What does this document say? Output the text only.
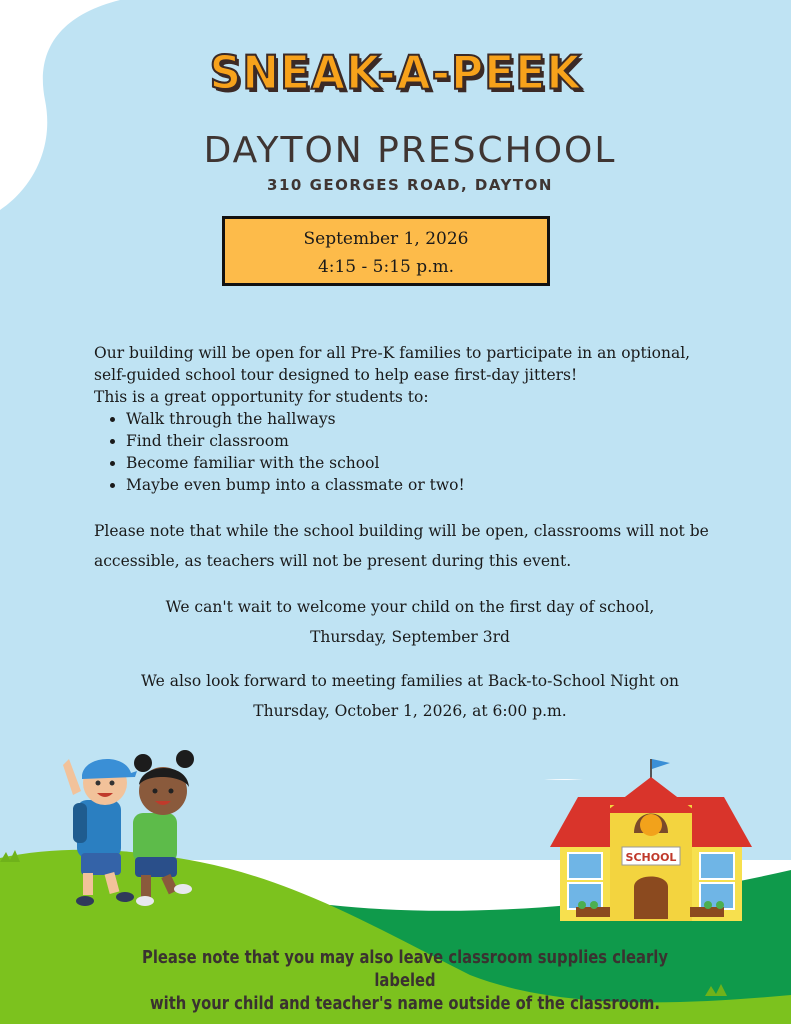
SNEAK-A-PEEK
DAYTON PRESCHOOL
310 GEORGES ROAD, DAYTON
September 1, 2026
4:15 - 5:15 p.m.

Our building will be open for all Pre-K families to participate in an optional,

self-guided school tour designed to help ease first-day jitters!

This is a great opportunity for students to:

• Walk through the hallways
• Find their classroom
• Become familiar with the school
• Maybe even bump into a classmate or two!
Please note that while the school building will be open, classrooms will not be
accessible, as teachers will not be present during this event.
We can't wait to welcome your child on the first day of school,
Thursday, September 3rd
We also look forward to meeting families at Back-to-School Night on
Thursday, October 1, 2026, at 6:00 p.m.
SCHOOL
Please note that you may also leave classroom supplies clearly labeled
with your child and teacher's name outside of the classroom.
